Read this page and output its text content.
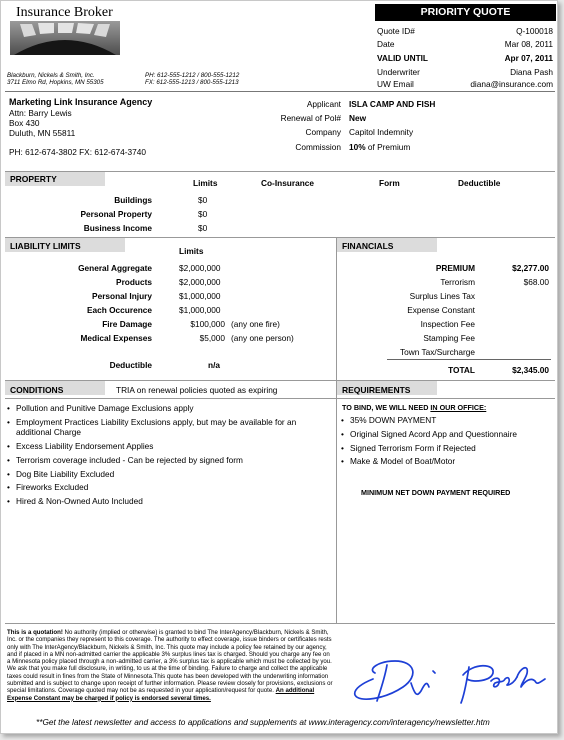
Insurance Broker
Blackburn, Nickels & Smith, Inc.
3711 Elmo Rd, Hopkins, MN 55305
PH: 612-555-1212 / 800-555-1212
FX: 612-555-1213 / 800-555-1213
PRIORITY QUOTE
Quote ID#	Q-100018
Date	Mar 08, 2011
VALID UNTIL	Apr 07, 2011
Underwriter	Diana Pash
UW Email	diana@insurance.com
Marketing Link Insurance Agency
Attn: Barry Lewis
Box 430
Duluth, MN 55811
PH: 612-674-3802 FX: 612-674-3740
Applicant ISLA CAMP AND FISH
Renewal of Pol# New
Company Capitol Indemnity
Commission 10% of Premium
PROPERTY	Limits	Co-Insurance	Form	Deductible
Buildings	$0
Personal Property	$0
Business Income	$0
LIABILITY LIMITS	Limits	FINANCIALS
General Aggregate	$2,000,000
Products	$2,000,000
Personal Injury	$1,000,000
Each Occurence	$1,000,000
Fire Damage	$100,000 (any one fire)
Medical Expenses	$5,000 (any one person)
Deductible	n/a
PREMIUM	$2,277.00
Terrorism	$68.00
Surplus Lines Tax
Expense Constant
Inspection Fee
Stamping Fee
Town Tax/Surcharge
TOTAL	$2,345.00
CONDITIONS	TRIA on renewal policies quoted as expiring	REQUIREMENTS
• Pollution and Punitive Damage Exclusions apply
• Employment Practices Liability Exclusions apply, but may be available for an additional Charge
• Excess Liability Endorsement Applies
• Terrorism coverage included - Can be rejected by signed form
• Dog Bite Liability Excluded
• Fireworks Excluded
• Hired & Non-Owned Auto Included
TO BIND, WE WILL NEED IN OUR OFFICE:
• 35% DOWN PAYMENT
• Original Signed Acord App and Questionnaire
• Signed Terrorism Form if Rejected
• Make & Model of Boat/Motor
MINIMUM NET DOWN PAYMENT REQUIRED
This is a quotation! No authority (implied or otherwise) is granted to bind The InterAgency/Blackburn, Nickels & Smith, Inc. or the companies they represent to this coverage. The authority to effect coverage, issue binders or certificates rests only with The InterAgency/Blackburn, Nickels & Smith, Inc. This quote may include a policy fee retained by our agency, and if placed in a MN non-admitted carrier the applicable 3% surplus lines tax is charged. Should you charge any fee on a Minnesota policy placed through a non-admitted carrier, a 3% surplus tax is applicable which must be collected by you. We ask that you make full disclosure, in writing, to us at the time of binding. Failure to charge and collect the applicable taxes could result in fines from the State of Minnesota.This quote has been developed with the underwriting information submitted and is subject to change upon receipt of further information. Please review closely for provisions, exclusions or special limitations. Coverage quoted may not be as requested in your application/request for quote. An additional Expense Constant may be charged if policy is endorsed several times.
**Get the latest newsletter and access to applications and supplements at www.interagency.com/interagency/newsletter.htm
